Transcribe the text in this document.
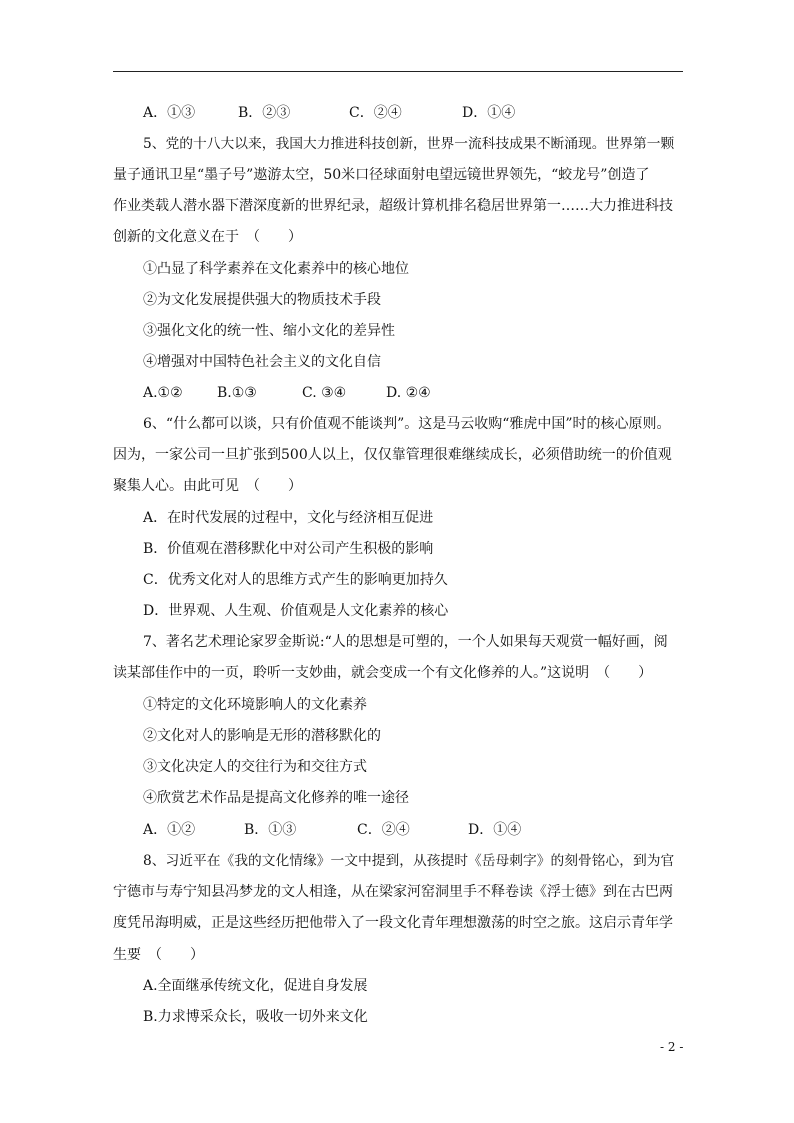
A．①③	B．②③	C．②④	D．①④
5、党的十八大以来，我国大力推进科技创新，世界一流科技成果不断涌现。世界第一颗
量子通讯卫星“墨子号”遨游太空，50米口径球面射电望远镜世界领先，“蛟龙号”创造了
作业类载人潜水器下潜深度新的世界纪录，超级计算机排名稳居世界第一……大力推进科技
创新的文化意义在于　（　　）
①凸显了科学素养在文化素养中的核心地位
②为文化发展提供强大的物质技术手段
③强化文化的统一性、缩小文化的差异性
④增强对中国特色社会主义的文化自信
A.①② B.①③	C. ③④	D. ②④
6、“什么都可以谈，只有价值观不能谈判”。这是马云收购“雅虎中国”时的核心原则。
因为，一家公司一旦扩张到500人以上，仅仅靠管理很难继续成长，必须借助统一的价值观
聚集人心。由此可见　（　　）
A．在时代发展的过程中，文化与经济相互促进
B．价值观在潜移默化中对公司产生积极的影响
C．优秀文化对人的思维方式产生的影响更加持久
D．世界观、人生观、价值观是人文化素养的核心
7、著名艺术理论家罗金斯说:“人的思想是可塑的，一个人如果每天观赏一幅好画，阅
读某部佳作中的一页，聆听一支妙曲，就会变成一个有文化修养的人。”这说明　（　　）
①特定的文化环境影响人的文化素养
②文化对人的影响是无形的潜移默化的
③文化决定人的交往行为和交往方式
④欣赏艺术作品是提高文化修养的唯一途径
A．①②	B．①③	C．②④	D．①④
8、习近平在《我的文化情缘》一文中提到，从孩提时《岳母刺字》的刻骨铭心，到为官
宁德市与寿宁知县冯梦龙的文人相逢，从在梁家河窑洞里手不释卷读《浮士德》到在古巴两
度凭吊海明威，正是这些经历把他带入了一段文化青年理想激荡的时空之旅。这启示青年学
生要　（　　）
A.全面继承传统文化，促进自身发展
B.力求博采众长，吸收一切外来文化
- 2 -
